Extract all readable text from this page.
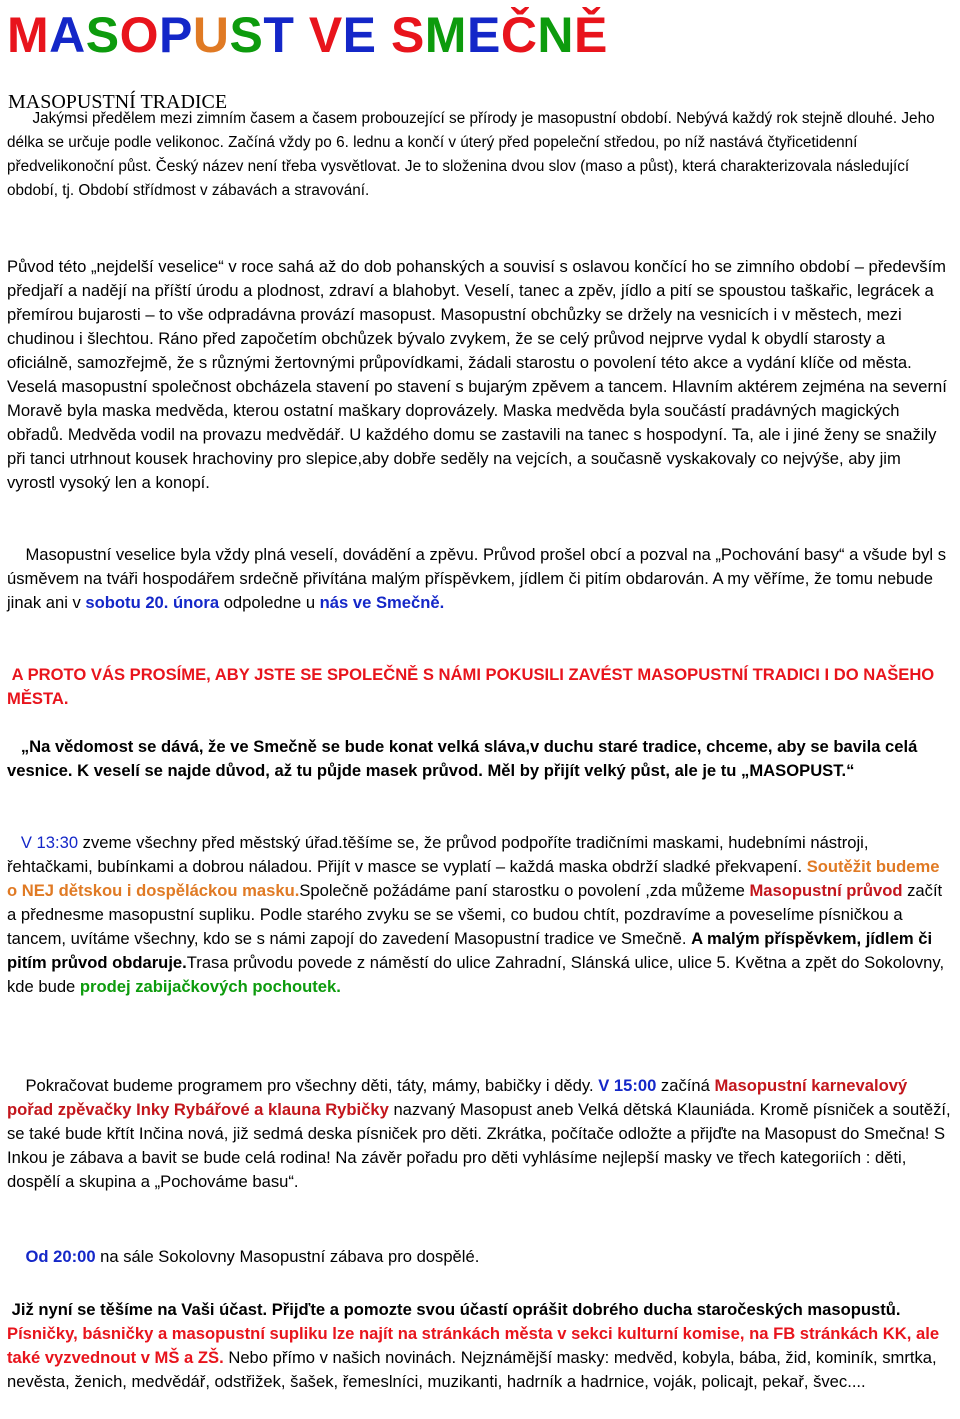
MASOPUST VE SMEČNĚ
MASOPUSTNÍ TRADICE

Jakýmsi předělem mezi zimním časem a časem probouzející se přírody je masopustní období. Nebývá každý rok stejně dlouhé. Jeho délka se určuje podle velikonoc. Začíná vždy po 6. lednu a končí v úterý před popeleční středou, po níž nastává čtyřicetidenní předvelikonoční půst. Český název není třeba vysvětlovat. Je to složenina dvou slov (maso a půst), která charakterizovala následující období, tj. Období střídmost v zábavách a stravování.

Původ této „nejdelší veselice“ v roce sahá až do dob pohanských a souvisí s oslavou končící ho se zimního období – především předjaří a nadějí na příští úrodu a plodnost, zdraví a blahobyt. Veselí, tanec a zpěv, jídlo a pití se spoustou taškařic, legrácek a přemírou bujarosti – to vše odpradávna provází masopust. Masopustní obchůzky se držely na vesnicích i v městech, mezi chudinou i šlechtou. Ráno před započetím obchůzek bývalo zvykem, že se celý průvod nejprve vydal k obydlí starosty a oficiálně, samozřejmě, že s různými žertovnými průpovídkami, žádali starostu o povolení této akce a vydání klíče od města. Veselá masopustní společnost obcházela stavení po stavení s bujarým zpěvem a tancem. Hlavním aktérem zejména na severní Moravě byla maska medvěda, kterou ostatní maškary doprovázely. Maska medvěda byla součástí pradávných magických obřadů. Medvěda vodil na provazu medvědář. U každého domu se zastavili na tanec s hospodyní. Ta, ale i jiné ženy se snažily při tanci utrhnout kousek hrachoviny pro slepice,aby dobře seděly na vejcích, a současně vyskakovaly co nejvýše, aby jim vyrostl vysoký len a konopí.

Masopustní veselice byla vždy plná veselí, dovádění a zpěvu. Průvod prošel obcí a pozval na „Pochování basy“ a všude byl s úsměvem na tváři hospodářem srdečně přivítána malým příspěvkem, jídlem či pitím obdarován. A my věříme, že tomu nebude jinak ani v sobotu 20. února odpoledne u nás ve Smečně.

A PROTO VÁS PROSÍME, ABY JSTE SE SPOLEČNĚ S NÁMI POKUSILI ZAVÉST MASOPUSTNÍ TRADICI I DO NAŠEHO MĚSTA.

„Na vědomost se dává, že ve Smečně se bude konat velká sláva,v duchu staré tradice, chceme, aby se bavila celá vesnice. K veselí se najde důvod, až tu půjde masek průvod. Měl by přijít velký půst, ale je tu „MASOPUST.“

V 13:30 zveme všechny před městský úřad.těšíme se, že průvod podpoříte tradičními maskami, hudebními nástroji, řehtačkami, bubínkami a dobrou náladou. Přijít v masce se vyplatí – každá maska obdrží sladké překvapení. Soutěžit budeme o NEJ dětskou i dospěláckou masku.Společně požádáme paní starostku o povolení ,zda můžeme Masopustní průvod začít a přednesme masopustní supliku. Podle starého zvyku se se všemi, co budou chtít, pozdravíme a poveselíme písničkou a tancem, uvítáme všechny, kdo se s námi zapojí do zavedení Masopustní tradice ve Smečně. A malým příspěvkem, jídlem či pitím průvod obdaruje.Trasa průvodu povede z náměstí do ulice Zahradní, Slánská ulice, ulice 5. Května a zpět do Sokolovny, kde bude prodej zabijačkových pochoutek.

Pokračovat budeme programem pro všechny děti, táty, mámy, babičky i dědy. V 15:00 začíná Masopustní karnevalový pořad zpěvačky Inky Rybářové a klauna Rybičky nazvaný Masopust aneb Velká dětská Klauniáda. Kromě písniček a soutěží, se také bude křtít Inčina nová, již sedmá deska písniček pro děti. Zkrátka, počítače odložte a přijďte na Masopust do Smečna! S Inkou je zábava a bavit se bude celá rodina! Na závěr pořadu pro děti vyhlásíme nejlepší masky ve třech kategoriích : děti, dospělí a skupina a „Pochováme basu“.

Od 20:00 na sále Sokolovny Masopustní zábava pro dospělé.

Již nyní se těšíme na Vaši účast. Přijďte a pomozte svou účastí oprášit dobrého ducha staročeských masopustů. Písničky, básničky a masopustní supliku lze najít na stránkách města v sekci kulturní komise, na FB stránkách KK, ale také vyzvednout v MŠ a ZŠ. Nebo přímo v našich novinách. Nejznámější masky: medvěd, kobyla, bába, žid, kominík, smrtka, nevěsta, ženich, medvědář, odstřižek, šašek, řemeslníci, muzikanti, hadrník a hadrnice, voják, policajt, pekař, švec....
